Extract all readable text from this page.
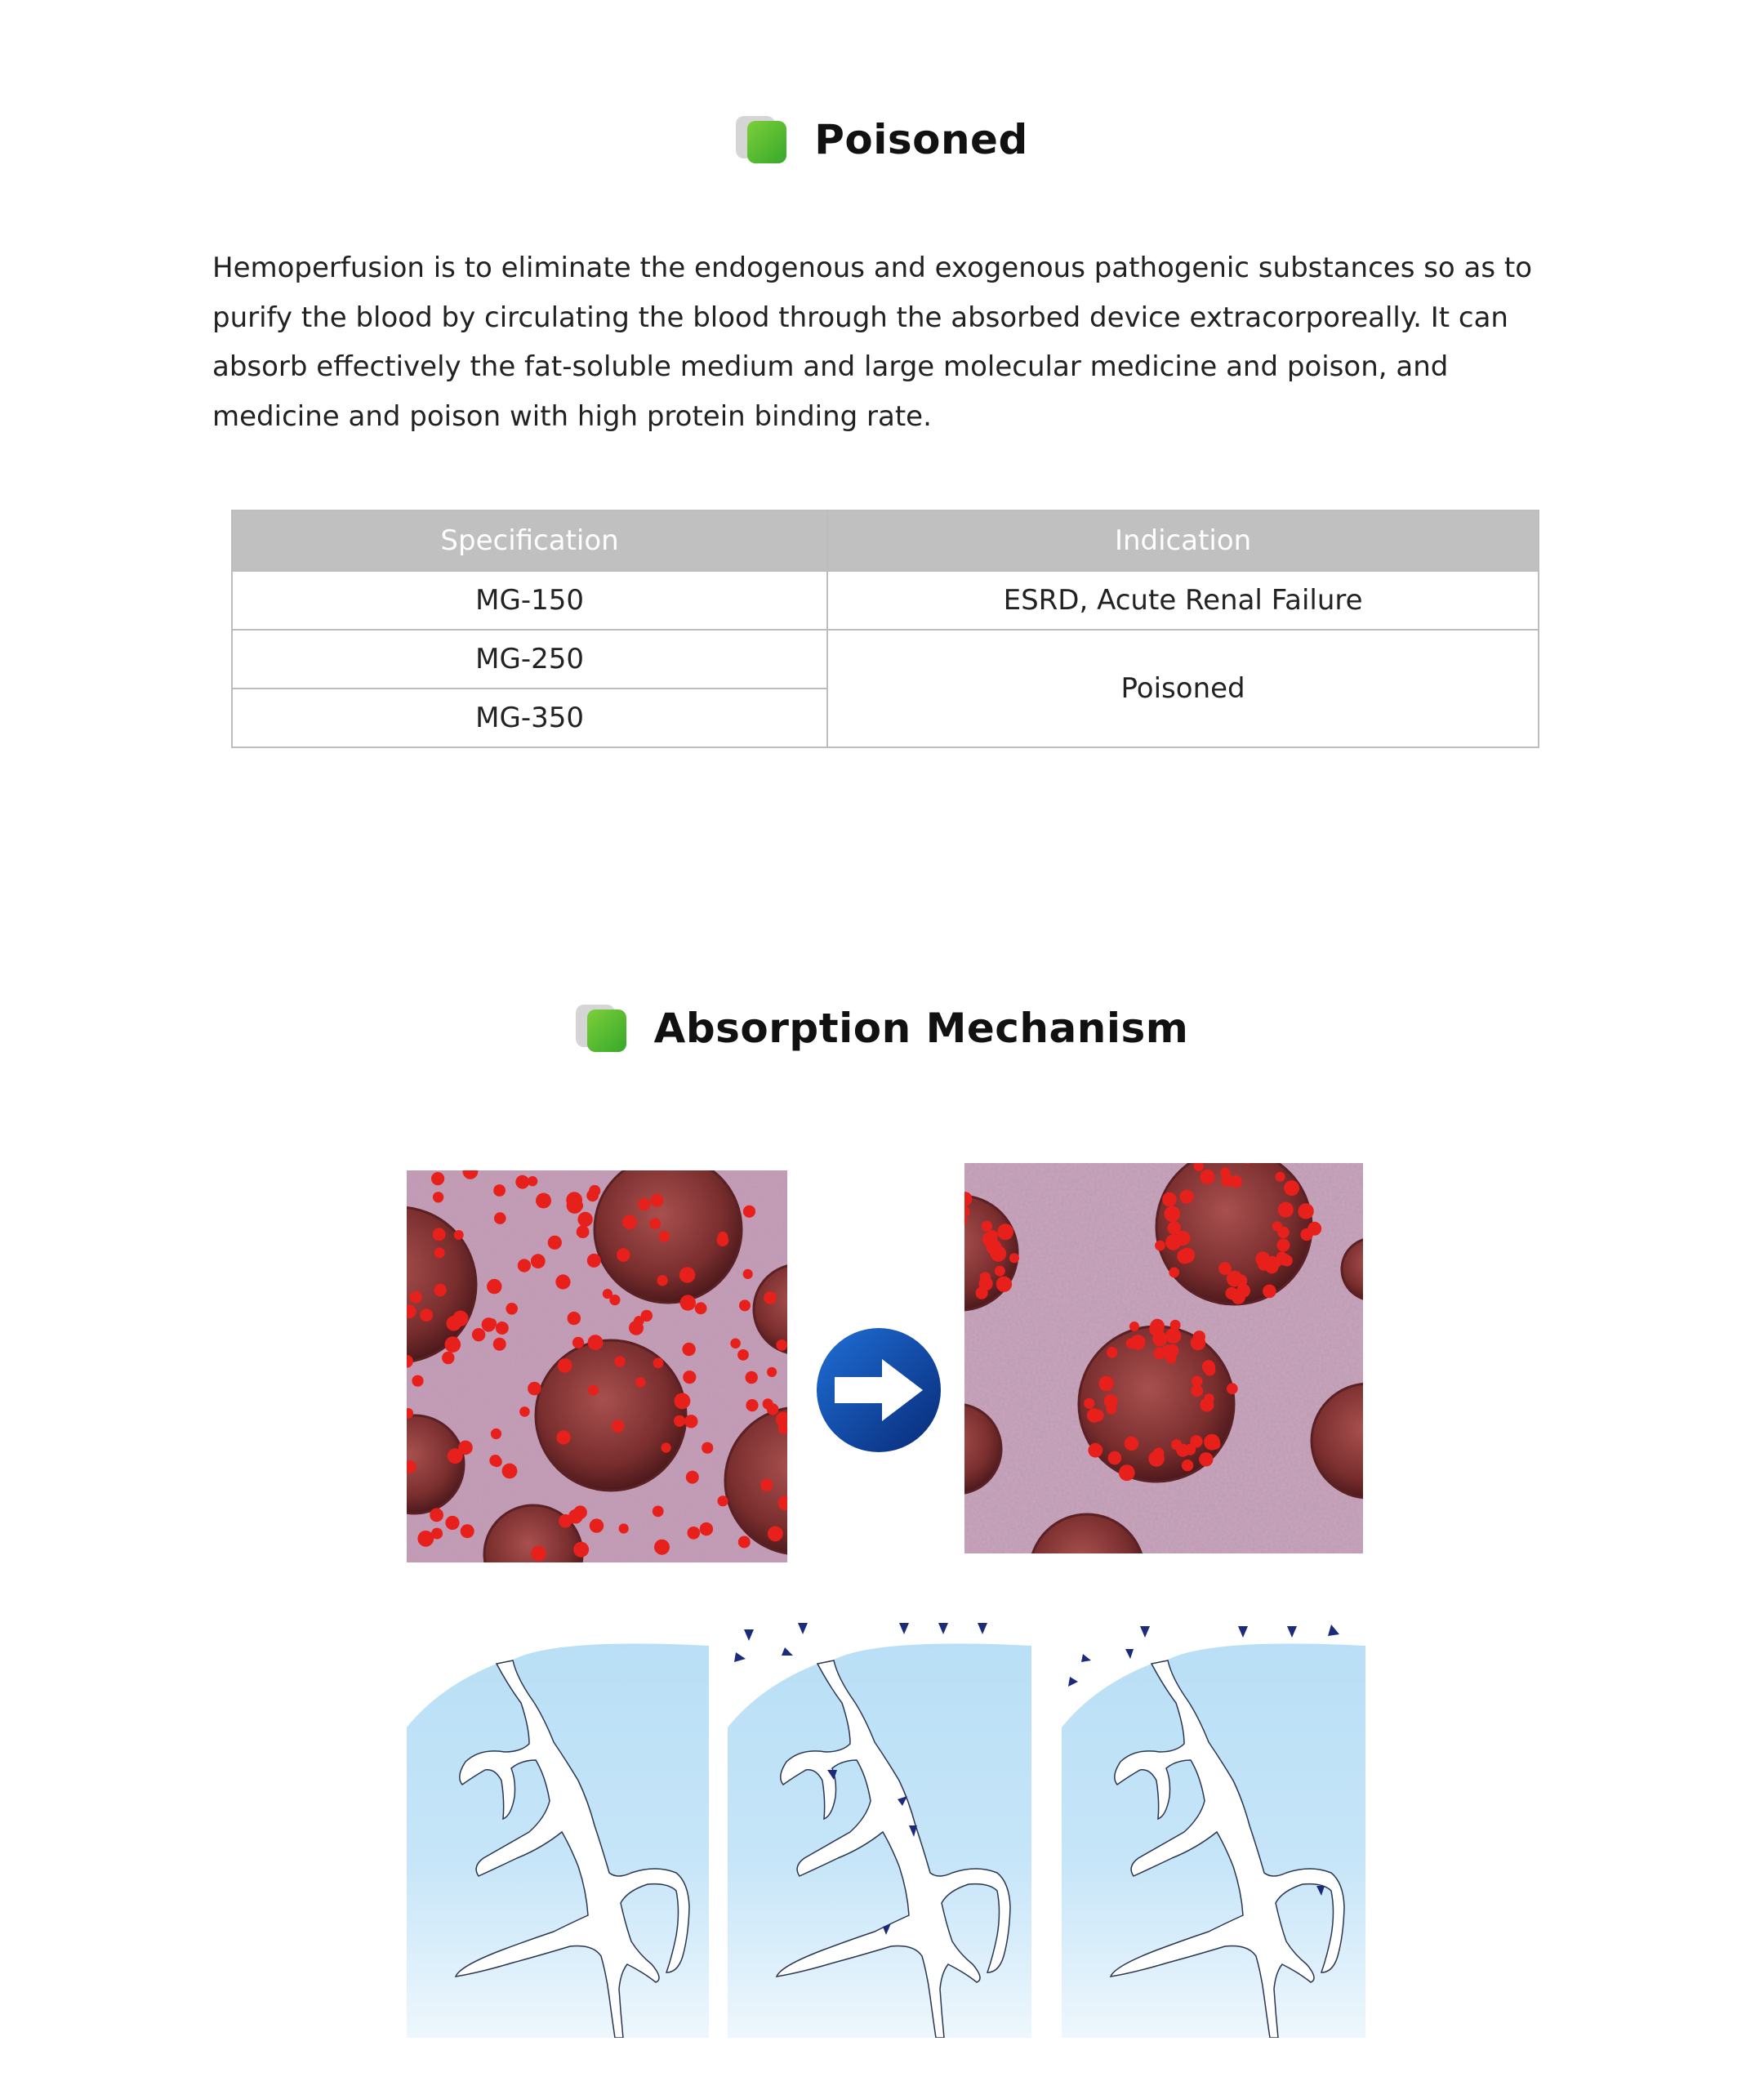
Poisoned

Hemoperfusion is to eliminate the endogenous and exogenous pathogenic substances so as to purify the blood by circulating the blood through the absorbed device extracorporeally. It can absorb effectively the fat-soluble medium and large molecular medicine and poison, and medicine and poison with high protein binding rate.

Specification	Indication
MG-150	ESRD, Acute Renal Failure
MG-250	Poisoned
MG-350	
Absorption Mechanism
